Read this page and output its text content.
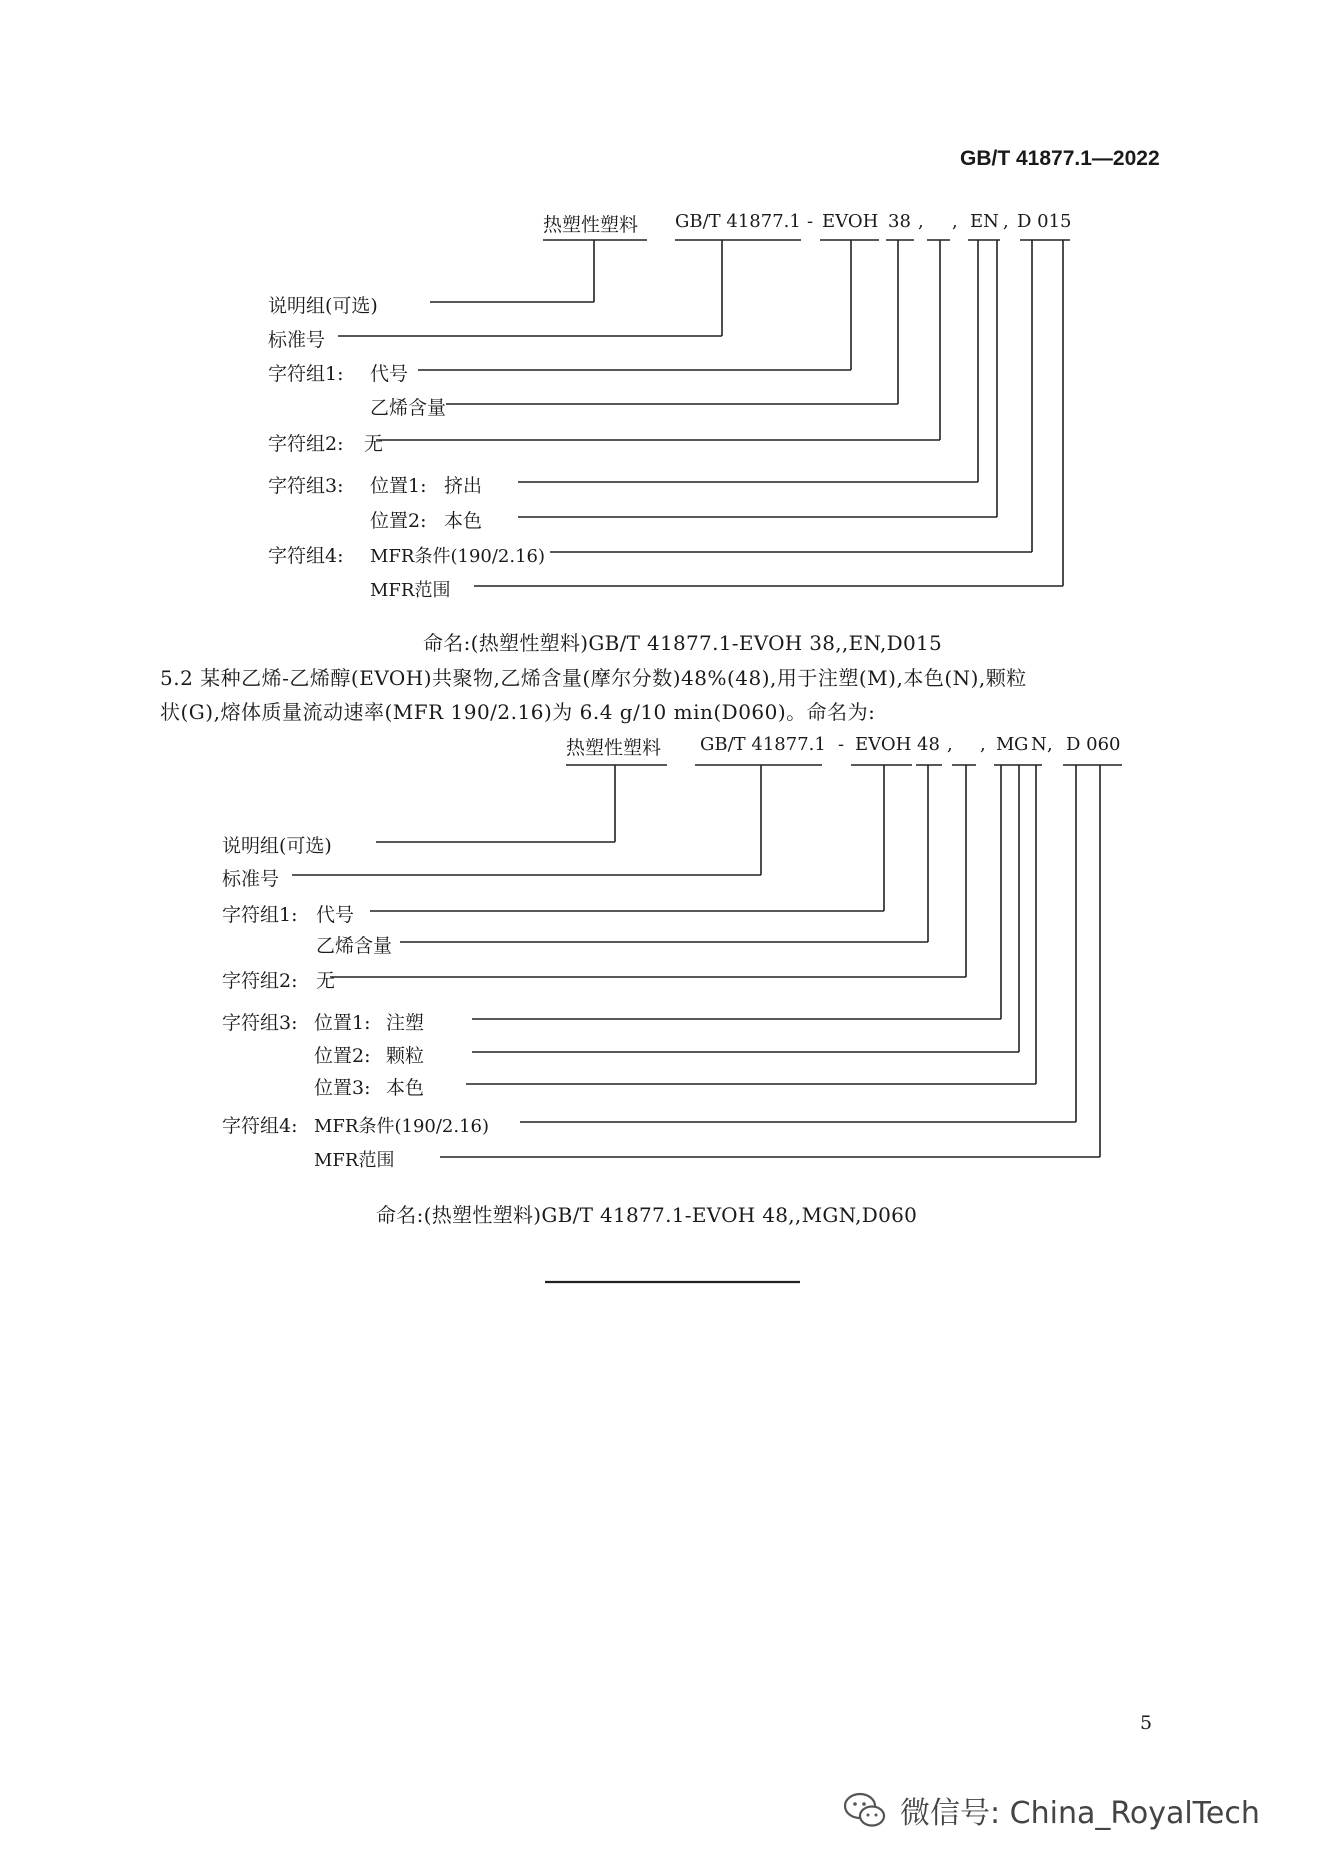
GB/T 41877.1—2022
热塑性塑料 GB/T 41877.1 - EVOH 38 , , EN , D 015
说明组(可选)
标准号
字符组1: 代号
乙烯含量
字符组2: 无
字符组3: 位置1: 挤出
位置2: 本色
字符组4: MFR条件(190/2.16)
MFR范围
命名:(热塑性塑料)GB/T 41877.1-EVOH 38,,EN,D015
5.2 某种乙烯-乙烯醇(EVOH)共聚物,乙烯含量(摩尔分数)48%(48),用于注塑(M),本色(N),颗粒
状(G),熔体质量流动速率(MFR 190/2.16)为 6.4 g/10 min(D060)。命名为:
热塑性塑料 GB/T 41877.1 - EVOH 48 , , M G N , D 060
说明组(可选)
标准号
字符组1: 代号
乙烯含量
字符组2: 无
字符组3: 位置1: 注塑
位置2: 颗粒
位置3: 本色
字符组4: MFR条件(190/2.16)
MFR范围
命名:(热塑性塑料)GB/T 41877.1-EVOH 48,,MGN,D060
5
微信号: China_RoyalTech
